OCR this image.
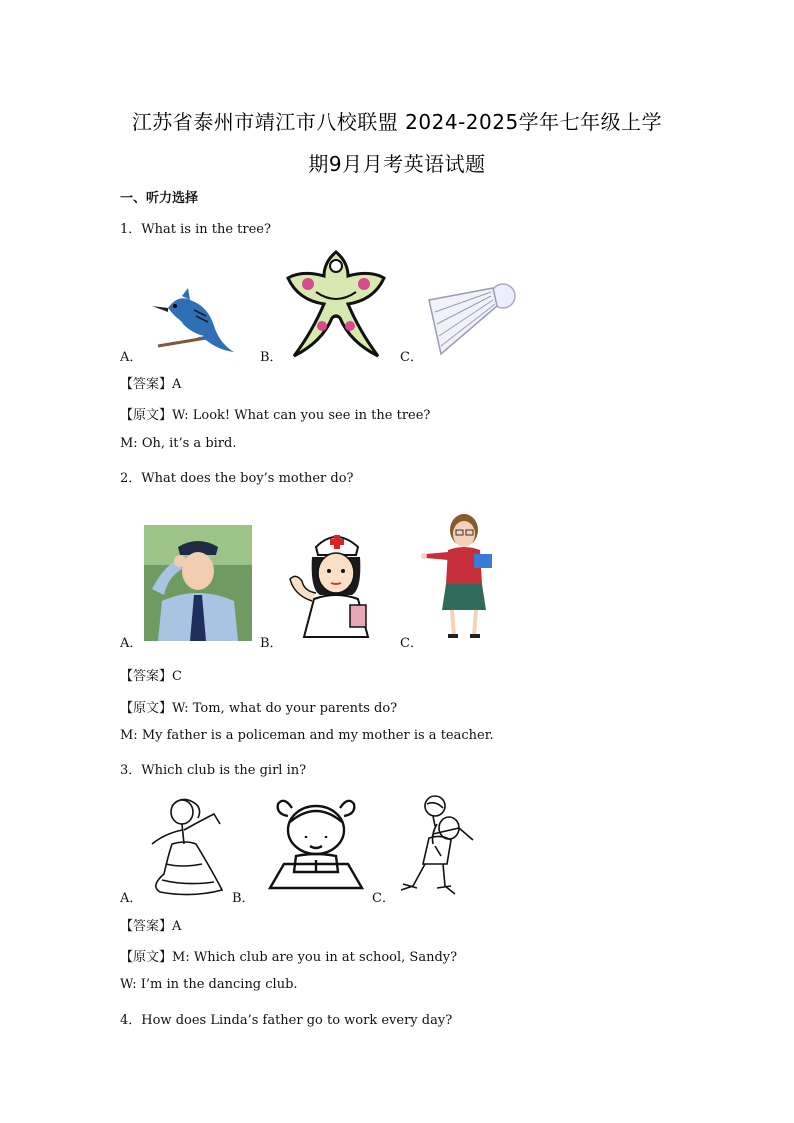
江苏省泰州市靖江市八校联盟 2024-2025学年七年级上学
期9月月考英语试题
一、听力选择
1．What is in the tree?
A．	B．	C．
【答案】A
【原文】W: Look! What can you see in the tree?
M: Oh, it’s a bird.
2．What does the boy’s mother do?
A．	B．	C．
【答案】C
【原文】W: Tom, what do your parents do?
M: My father is a policeman and my mother is a teacher.
3．Which club is the girl in?
A．	B．	C．
【答案】A
【原文】M: Which club are you in at school, Sandy?
W: I’m in the dancing club.
4．How does Linda’s father go to work every day?
